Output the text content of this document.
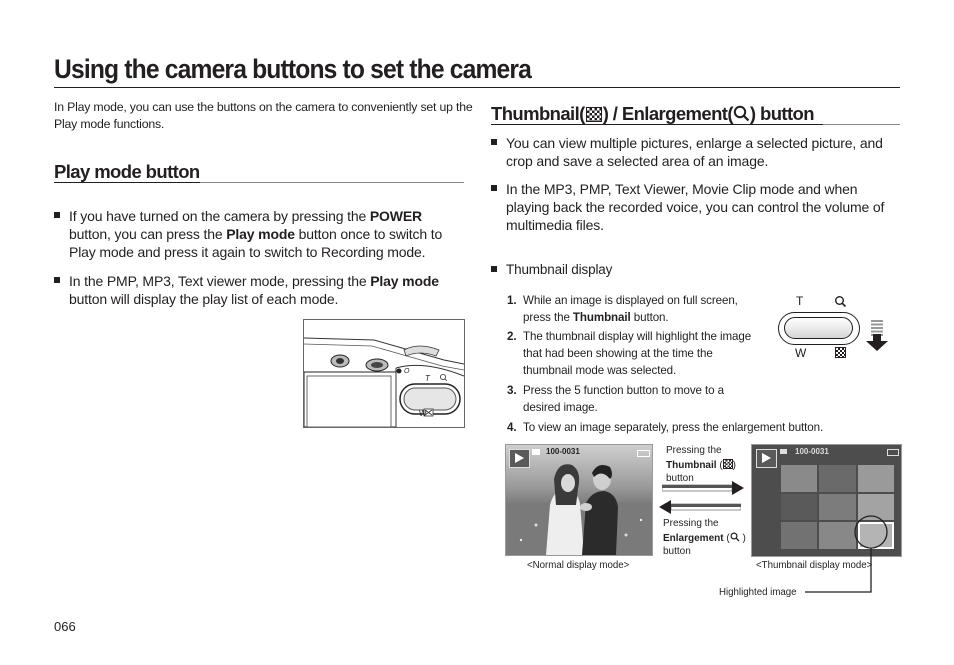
Using the camera buttons to set the camera
In Play mode, you can use the buttons on the camera to conveniently set up the Play mode functions.
Play mode button
If you have turned on the camera by pressing the POWER button, you can press the Play mode button once to switch to Play mode and press it again to switch to Recording mode.
In the PMP, MP3, Text viewer mode, pressing the Play mode button will display the play list of each mode.
O
T
W
Thumbnail( ) / Enlargement( ) button
You can view multiple pictures, enlarge a selected picture, and crop and save a selected area of an image.
In the MP3, PMP, Text Viewer, Movie Clip mode and when playing back the recorded voice, you can control the volume of multimedia files.
Thumbnail display
1. While an image is displayed on full screen, press the Thumbnail button.
2. The thumbnail display will highlight the image that had been showing at the time the thumbnail mode was selected.
3. Press the 5 function button to move to a desired image.
4. To view an image separately, press the enlargement button.
T
W
100-0031
<Normal display mode>
Pressing the
Thumbnail ( )
button
Pressing the
Enlargement ( )
button
100-0031
<Thumbnail display mode>
Highlighted image
066
